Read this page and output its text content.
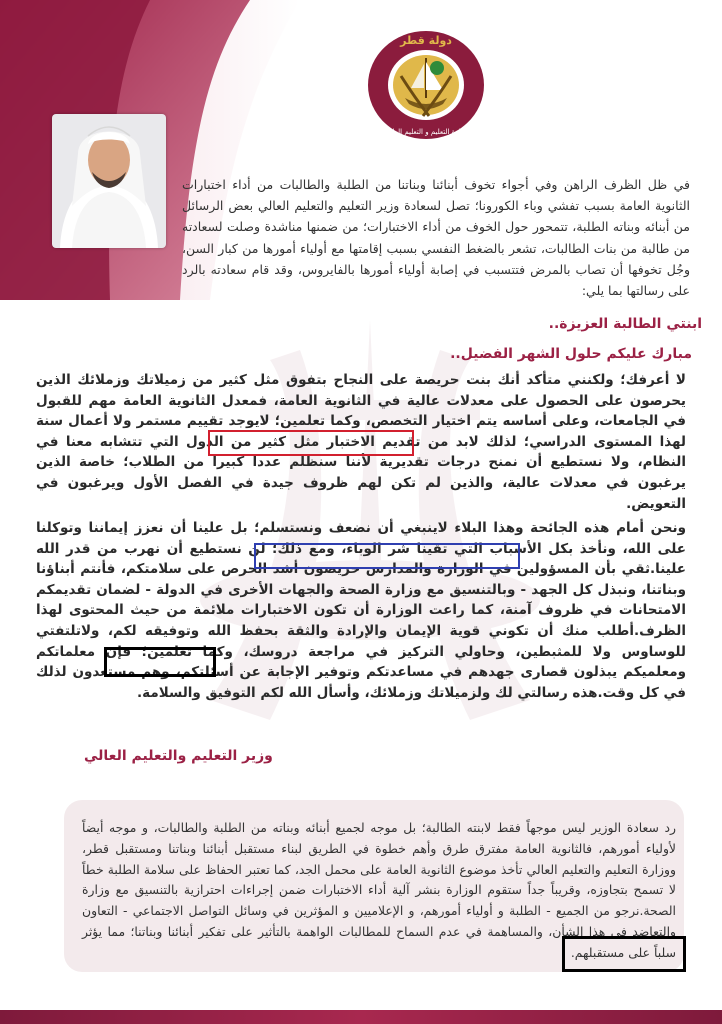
دولة قطر
وزارة التعليم و التعليم العالي
في ظل الظرف الراهن وفي أجواء تخوف أبنائنا وبناتنا من الطلبة والطالبات من أداء اختبارات الثانوية العامة بسبب تفشي وباء الكورونا؛ تصل لسعادة وزير التعليم والتعليم العالي بعض الرسائل من أبنائه وبناته الطلبة، تتمحور حول الخوف من أداء الاختبارات؛ من ضمنها مناشدة وصلت لسعادته من طالبة من بنات الطالبات، تشعر بالضغط النفسي بسبب إقامتها مع أولياء أمورها من كبار السن، وجُل تخوفها أن تصاب بالمرض فتتسبب في إصابة أولياء أمورها بالفايروس، وقد قام سعادته بالرد على رسالتها بما يلي:
ابنتي الطالبة العزيزة..
مبارك عليكم حلول الشهر الفضيل..
لا أعرفك؛ ولكنني متأكد أنك بنت حريصة على النجاح بتفوق مثل كثير من زميلاتك وزملائك الذين يحرصون على الحصول على معدلات عالية في الثانوية العامة، فمعدل الثانوية العامة مهم للقبول في الجامعات، وعلى أساسه يتم اختيار التخصص، وكما تعلمين؛ لايوجد تقييم مستمر ولا أعمال سنة لهذا المستوى الدراسي؛ لذلك لابد من تقديم الاختبار مثل كثير من الدول التي تتشابه معنا في النظام، ولا نستطيع أن نمنح درجات تقديرية لأننا سنظلم عددا كبيرا من الطلاب؛ خاصة الذين يرغبون في معدلات عالية، والذين لم تكن لهم ظروف جيدة في الفصل الأول ويرغبون في التعويض.
ونحن أمام هذه الجائحة وهذا البلاء لاينبغي أن نضعف ونستسلم؛ بل علينا أن نعزز إيماننا وتوكلنا على الله، ونأخذ بكل الأسباب التي تقينا شر الوباء، ومع ذلك؛ لن نستطيع أن نهرب من قدر الله علينا.ثقي بأن المسؤولين في الوزارة والمدارس حريصون أشد الحرص على سلامتكم، فأنتم أبناؤنا وبناتنا، ونبذل كل الجهد - وبالتنسيق مع وزارة الصحة والجهات الأخرى في الدولة - لضمان تقديمكم الامتحانات في ظروف آمنة، كما راعت الوزارة أن تكون الاختبارات ملائمة من حيث المحتوى لهذا الظرف.أطلب منك أن تكوني قوية الإيمان والإرادة والثقة بحفظ الله وتوفيقه لكم، ولاتلتفتي للوساوس ولا للمثبطين، وحاولي التركيز في مراجعة دروسك، وكما تعلمين؛ فإن معلماتكم ومعلميكم يبذلون قصارى جهدهم في مساعدتكم وتوفير الإجابة عن أسئلتكم، وهم مستعدون لذلك في كل وقت.هذه رسالتي لك ولزميلاتك وزملائك، وأسأل الله لكم التوفيق والسلامة.
وزير التعليم والتعليم العالي
رد سعادة الوزير ليس موجهاً فقط لابنته الطالبة؛ بل موجه لجميع أبنائه وبناته من الطلبة والطالبات، و موجه أيضاً لأولياء أمورهم، فالثانوية العامة مفترق طرق وأهم خطوة في الطريق لبناء مستقبل أبنائنا وبناتنا ومستقبل قطر، ووزارة التعليم والتعليم العالي تأخذ موضوع الثانوية العامة على محمل الجد، كما تعتبر الحفاظ على سلامة الطلبة خطاً لا تسمح بتجاوزه، وقريباً جداً ستقوم الوزارة بنشر آلية أداء الاختبارات ضمن إجراءات احترازية بالتنسيق مع وزارة الصحة.نرجو من الجميع - الطلبة و أولياء أمورهم، و الإعلاميين و المؤثرين في وسائل التواصل الاجتماعي - التعاون والتعاضد في هذا الشأن، والمساهمة في عدم السماح للمطالبات الواهمة بالتأثير على تفكير أبنائنا وبناتنا؛ مما يؤثر سلباً على مستقبلهم.
